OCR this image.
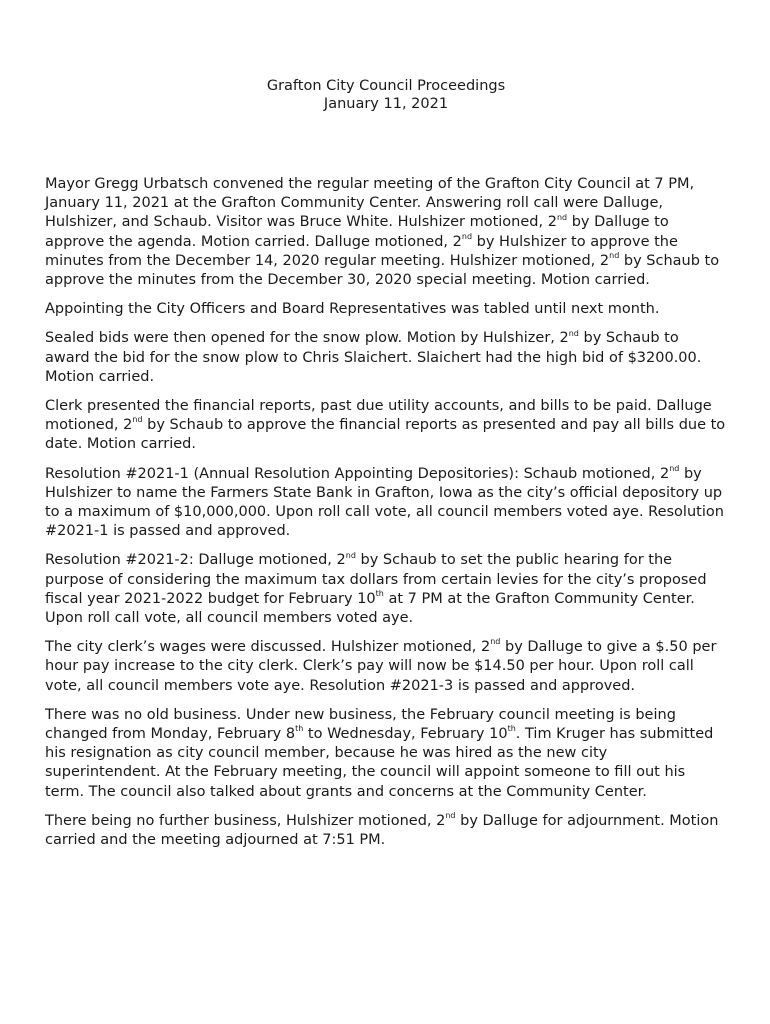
Grafton City Council Proceedings

January 11, 2021

Mayor Gregg Urbatsch convened the regular meeting of the Grafton City Council at 7 PM, January 11, 2021 at the Grafton Community Center. Answering roll call were Dalluge, Hulshizer, and Schaub. Visitor was Bruce White. Hulshizer motioned, 2nd by Dalluge to approve the agenda. Motion carried. Dalluge motioned, 2nd by Hulshizer to approve the minutes from the December 14, 2020 regular meeting. Hulshizer motioned, 2nd by Schaub to approve the minutes from the December 30, 2020 special meeting. Motion carried.

Appointing the City Officers and Board Representatives was tabled until next month.

Sealed bids were then opened for the snow plow. Motion by Hulshizer, 2nd by Schaub to award the bid for the snow plow to Chris Slaichert. Slaichert had the high bid of $3200.00. Motion carried.

Clerk presented the financial reports, past due utility accounts, and bills to be paid. Dalluge motioned, 2nd by Schaub to approve the financial reports as presented and pay all bills due to date. Motion carried.

Resolution #2021-1 (Annual Resolution Appointing Depositories): Schaub motioned, 2nd by Hulshizer to name the Farmers State Bank in Grafton, Iowa as the city’s official depository up to a maximum of $10,000,000. Upon roll call vote, all council members voted aye. Resolution #2021-1 is passed and approved.

Resolution #2021-2: Dalluge motioned, 2nd by Schaub to set the public hearing for the purpose of considering the maximum tax dollars from certain levies for the city’s proposed fiscal year 2021-2022 budget for February 10th at 7 PM at the Grafton Community Center. Upon roll call vote, all council members voted aye.

The city clerk’s wages were discussed. Hulshizer motioned, 2nd by Dalluge to give a $.50 per hour pay increase to the city clerk. Clerk’s pay will now be $14.50 per hour. Upon roll call vote, all council members vote aye. Resolution #2021-3 is passed and approved.

There was no old business. Under new business, the February council meeting is being changed from Monday, February 8th to Wednesday, February 10th. Tim Kruger has submitted his resignation as city council member, because he was hired as the new city superintendent. At the February meeting, the council will appoint someone to fill out his term. The council also talked about grants and concerns at the Community Center.

There being no further business, Hulshizer motioned, 2nd by Dalluge for adjournment. Motion carried and the meeting adjourned at 7:51 PM.
